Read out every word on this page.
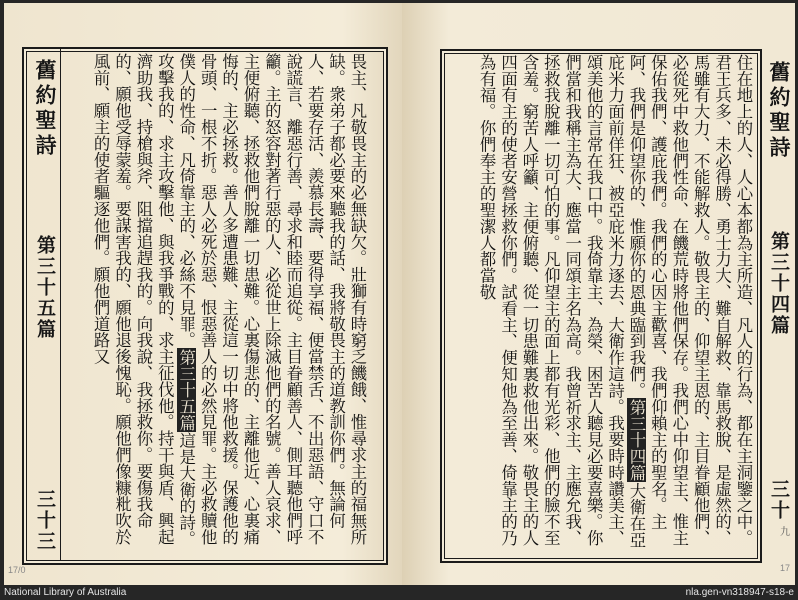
舊約聖詩
第三十五篇
三十三	畏主、凡敬畏主的必無缺欠。壯獅有時窮乏饑餓、惟尋求主的福無所缺。衆弟子都必要來聽我的話、我將敬畏主的道教訓你們。無論何人、若要存活、羨慕長壽、要得享福、便當禁舌、不出惡語、守口不說謊言、離惡行善、尋求和睦而追從。主目眷顧善人、側耳聽他們呼籲。主的怒容對著行惡的人、必從世上除滅他們的名號。善人哀求、主便俯聽、拯救他們脫離一切患難。心裏傷悲的、主離他近、心裏痛悔的、主必拯救。善人多遭患難、主從這一切中將他救援。保護他的骨頭、一根不折。惡人必死於惡、恨惡善人的必然見罪。主必救贖他僕人的性命、凡倚靠主的、必絲不見罪。第三十五篇這是大衛的詩。攻擊我的、求主攻擊他、與我爭戰的、求主征伐他。持干與盾、興起濟助我、持槍與斧、阻擋追趕我的。向我說、我拯救你。要傷我命的、願他受辱蒙羞。要謀害我的、願他退後愧恥。願他們像糠粃吹於風前、願主的使者驅逐他們。願他們道路又
17/0
住在地上的人、人心本都為主所造、凡人的行為、都在主洞鑒之中。君王兵多、未必得勝、勇士力大、難自解救、靠馬救脫、是虛然的、馬雖有大力、不能解救人。敬畏主的、仰望主恩的、主目眷顧他們、必從死中救他們性命、在饑荒時將他們保存。我們心中仰望主、惟主保佑我們、護庇我們。我們的心因主歡喜、我們仰賴主的聖名。主阿、我們是仰望你的、惟願你的恩典臨到我們。第三十四篇大衛在亞庇米力面前佯狂、被亞庇米力逐去、大衛作這詩。我要時時讚美主、頌美他的言常在我口中。我倚靠主、為榮、困苦人聽見必要喜樂。你們當和我稱主為大、應當一同頌主名為高。我曾祈求主、主應允我、拯救我脫離一切可怕的事。凡仰望主的面上都有光彩、他們的臉不至含羞。窮苦人呼籲、主便俯聽、從一切患難裏救他出來。敬畏主的人四面有主的使者安營拯救你們。試看主、便知他為至善、倚靠主的乃為有福。你們奉主的聖潔人都當敬	舊約聖詩
第三十四篇
三十
九
17
National Library of Australia	nla.gen-vn318947-s18-e
